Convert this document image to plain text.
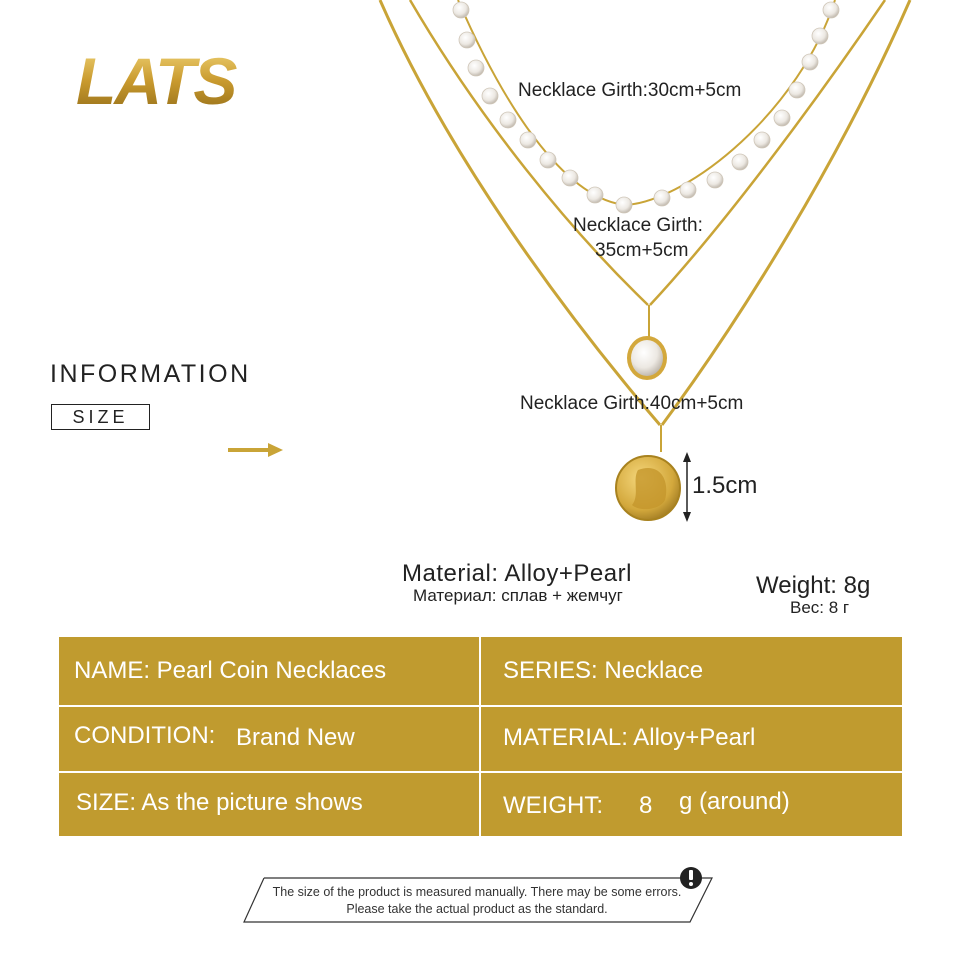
LATS
INFORMATION
SIZE
Necklace Girth:30cm+5cm
Necklace Girth:
35cm+5cm
Necklace Girth:40cm+5cm
1.5cm
Material: Alloy+Pearl
Материал: сплав + жемчуг	Weight: 8g
Вес: 8 г
NAME: Pearl Coin Necklaces	SERIES: Necklace
CONDITION: Brand New	MATERIAL: Alloy+Pearl
SIZE: As the picture shows	WEIGHT: 8 g (around)
The size of the product is measured manually. There may be some errors.
Please take the actual product as the standard.
